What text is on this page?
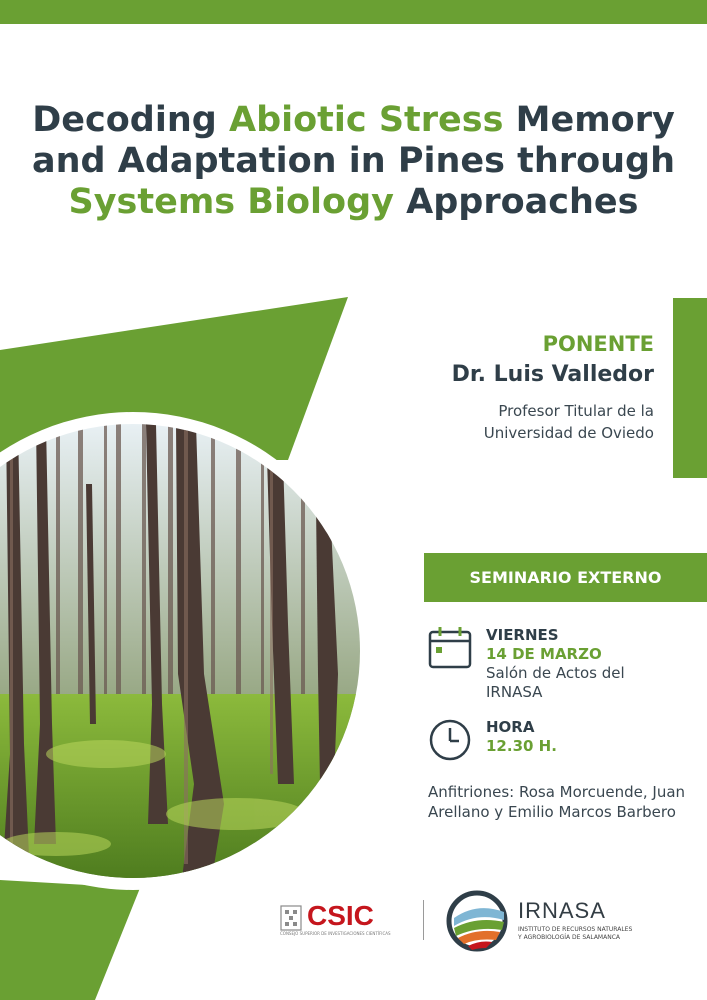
Decoding Abiotic Stress Memory
and Adaptation in Pines through
Systems Biology Approaches
PONENTE
Dr. Luis Valledor
Profesor Titular de la
Universidad de Oviedo
SEMINARIO EXTERNO
VIERNES
14 DE MARZO
Salón de Actos del
IRNASA
HORA
12.30 H.
Anfitriones: Rosa Morcuende, Juan Arellano y Emilio Marcos Barbero
CSIC
CONSEJO SUPERIOR DE INVESTIGACIONES CIENTÍFICAS
IRNASA
INSTITUTO DE RECURSOS NATURALES
Y AGROBIOLOGÍA DE SALAMANCA
